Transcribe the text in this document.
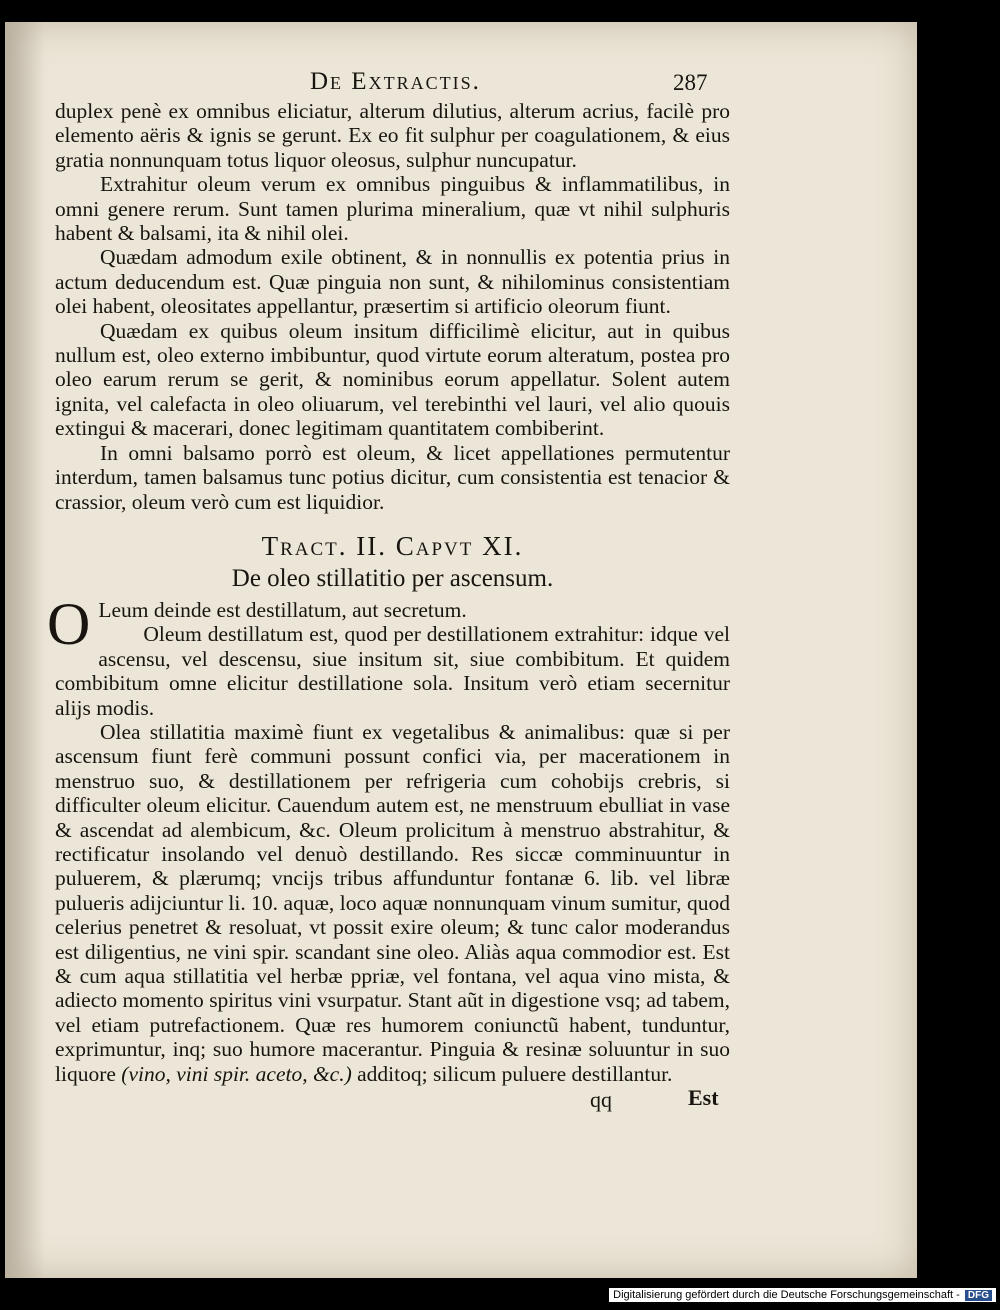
De Extractis.	287

duplex penè ex omnibus eliciatur, alterum dilutius, alterum acrius, facilè pro elemento aëris & ignis se gerunt. Ex eo fit sulphur per coagulationem, & eius gratia nonnunquam totus liquor oleosus, sulphur nuncupatur.

Extrahitur oleum verum ex omnibus pinguibus & inflammatilibus, in omni genere rerum. Sunt tamen plurima mineralium, quæ vt nihil sulphuris habent & balsami, ita & nihil olei.

Quædam admodum exile obtinent, & in nonnullis ex potentia prius in actum deducendum est. Quæ pinguia non sunt, & nihilominus consistentiam olei habent, oleositates appellantur, præsertim si artificio oleorum fiunt.

Quædam ex quibus oleum insitum difficilimè elicitur, aut in quibus nullum est, oleo externo imbibuntur, quod virtute eorum alteratum, postea pro oleo earum rerum se gerit, & nominibus eorum appellatur. Solent autem ignita, vel calefacta in oleo oliuarum, vel terebinthi vel lauri, vel alio quouis extingui & macerari, donec legitimam quantitatem combiberint.

In omni balsamo porrò est oleum, & licet appellationes permutentur interdum, tamen balsamus tunc potius dicitur, cum consistentia est tenacior & crassior, oleum verò cum est liquidior.

Tract. II. Capvt XI.
De oleo stillatitio per ascensum.

O Leum deinde est destillatum, aut secretum.

Oleum destillatum est, quod per destillationem extrahitur: idque vel ascensu, vel descensu, siue insitum sit, siue combibitum. Et quidem combibitum omne elicitur destillatione sola. Insitum verò etiam secernitur alijs modis.

Olea stillatitia maximè fiunt ex vegetalibus & animalibus: quæ si per ascensum fiunt ferè communi possunt confici via, per macerationem in menstruo suo, & destillationem per refrigeria cum cohobijs crebris, si difficulter oleum elicitur. Cauendum autem est, ne menstruum ebulliat in vase & ascendat ad alembicum, &c. Oleum prolicitum à menstruo abstrahitur, & rectificatur insolando vel denuò destillando. Res siccæ comminuuntur in puluerem, & plærumq; vncijs tribus affunduntur fontanæ 6. lib. vel libræ pulueris adijciuntur li. 10. aquæ, loco aquæ nonnunquam vinum sumitur, quod celerius penetret & resoluat, vt possit exire oleum; & tunc calor moderandus est diligentius, ne vini spir. scandant sine oleo. Aliàs aqua commodior est. Est & cum aqua stillatitia vel herbæ ppriæ, vel fontana, vel aqua vino mista, & adiecto momento spiritus vini vsurpatur. Stant aũt in digestione vsq; ad tabem, vel etiam putrefactionem. Quæ res humorem coniunctũ habent, tunduntur, exprimuntur, inq; suo humore macerantur. Pinguia & resinæ soluuntur in suo liquore (vino, vini spir. aceto, &c.) additoq; silicum puluere destillantur.

qq	Est
Digitalisierung gefördert durch die Deutsche Forschungsgemeinschaft - DFG
